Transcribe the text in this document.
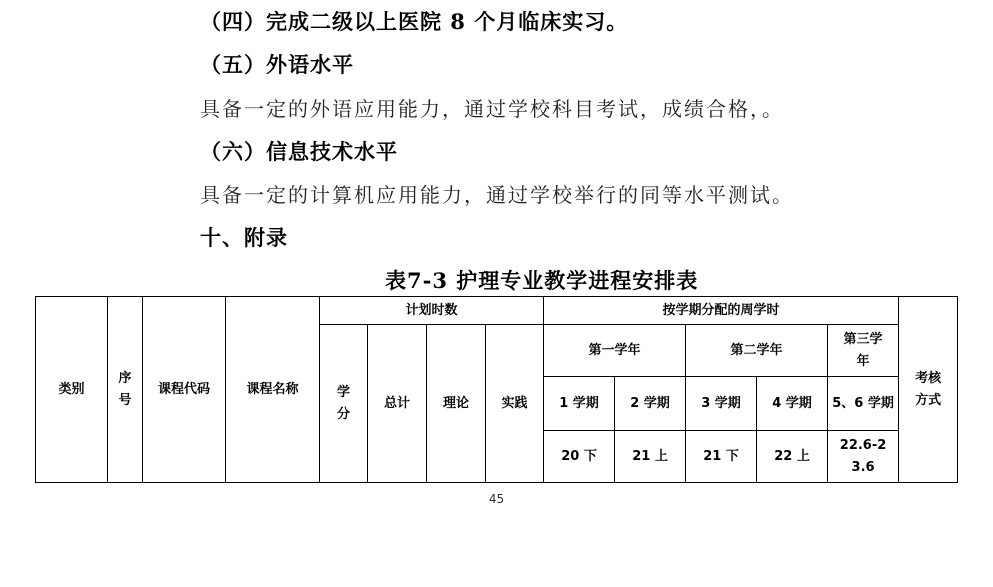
（四）完成二级以上医院 8 个月临床实习。
（五）外语水平
具备一定的外语应用能力，通过学校科目考试，成绩合格，。
（六）信息技术水平
具备一定的计算机应用能力，通过学校举行的同等水平测试。
十、附录
表7-3 护理专业教学进程安排表
类别	序号	课程代码	课程名称	计划时数				按学期分配的周学时					考核方式

				学分	总计	理论	实践	第一学年		第二学年		第三学年	

								1 学期	2 学期	3 学期	4 学期	5、6 学期	

								20 下	21 上	21 下	22 上	22.6-23.6	
45
